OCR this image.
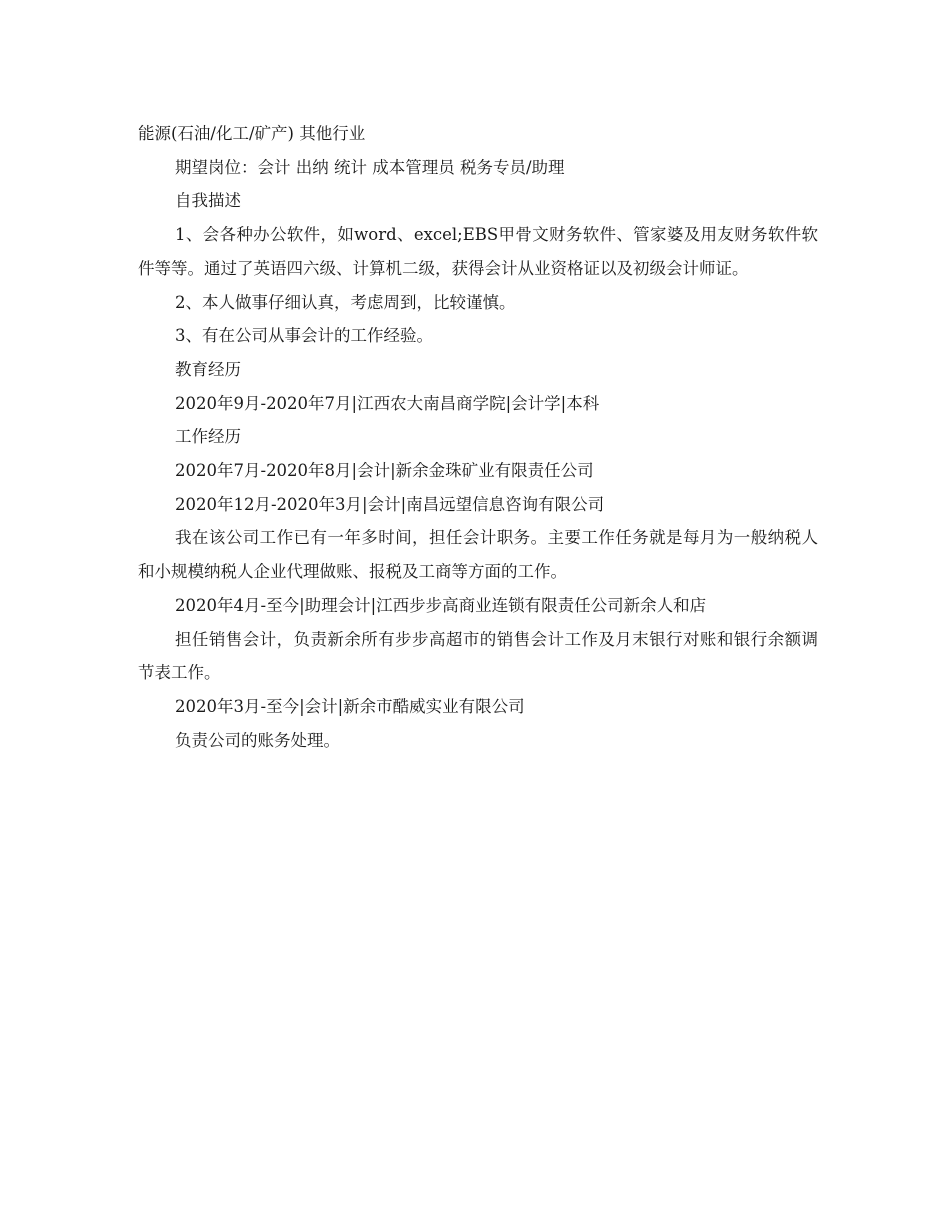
能源(石油/化工/矿产) 其他行业

期望岗位：会计 出纳 统计 成本管理员 税务专员/助理

自我描述

1、会各种办公软件，如word、excel;EBS甲骨文财务软件、管家婆及用友财务软件软件等等。通过了英语四六级、计算机二级，获得会计从业资格证以及初级会计师证。

2、本人做事仔细认真，考虑周到，比较谨慎。

3、有在公司从事会计的工作经验。

教育经历

2020年9月-2020年7月|江西农大南昌商学院|会计学|本科

工作经历

2020年7月-2020年8月|会计|新余金珠矿业有限责任公司

2020年12月-2020年3月|会计|南昌远望信息咨询有限公司

我在该公司工作已有一年多时间，担任会计职务。主要工作任务就是每月为一般纳税人和小规模纳税人企业代理做账、报税及工商等方面的工作。

2020年4月-至今|助理会计|江西步步高商业连锁有限责任公司新余人和店

担任销售会计，负责新余所有步步高超市的销售会计工作及月末银行对账和银行余额调节表工作。

2020年3月-至今|会计|新余市酷威实业有限公司

负责公司的账务处理。
